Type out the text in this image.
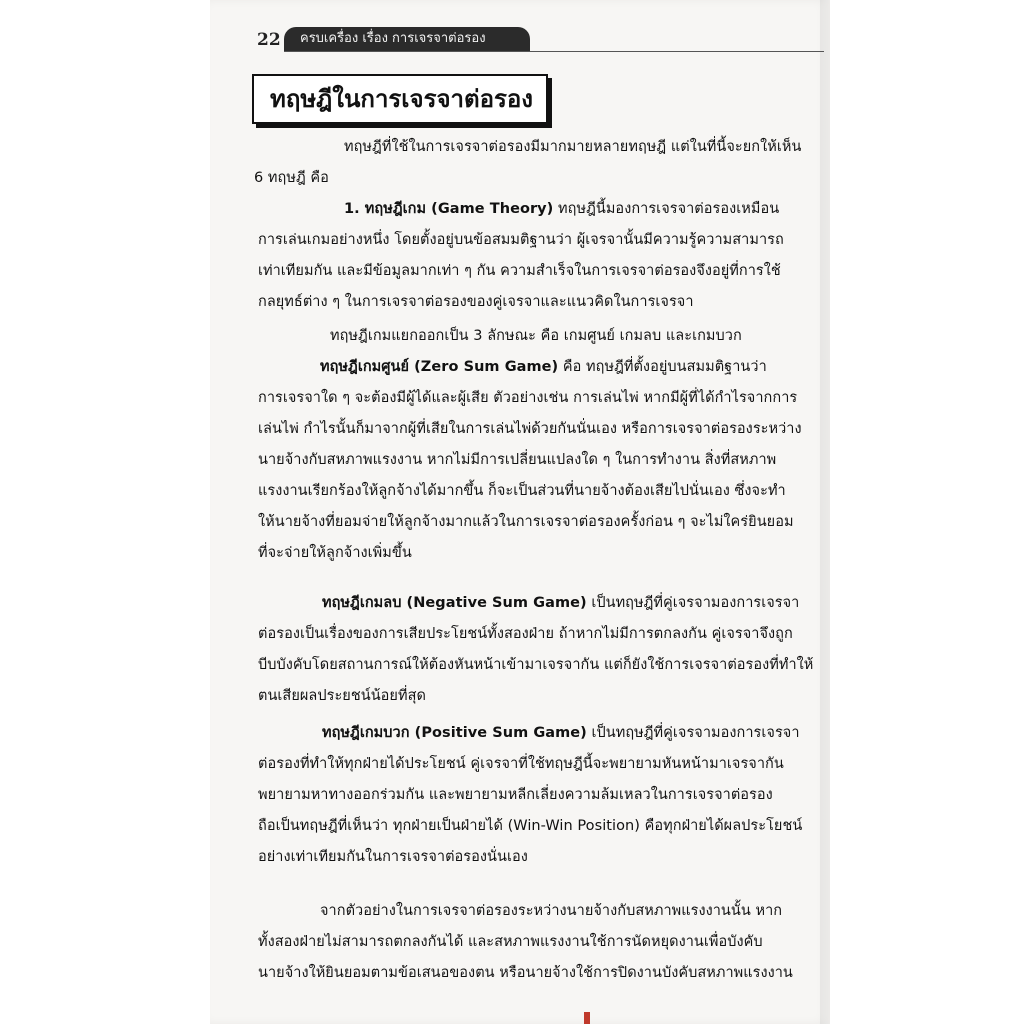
22	ครบเครื่อง เรื่อง การเจรจาต่อรอง
ทฤษฎีในการเจรจาต่อรอง
ทฤษฎีที่ใช้ในการเจรจาต่อรองมีมากมายหลายทฤษฎี แต่ในที่นี้จะยกให้เห็น
6 ทฤษฎี คือ
1. ทฤษฎีเกม (Game Theory) ทฤษฎีนี้มองการเจรจาต่อรองเหมือน
การเล่นเกมอย่างหนึ่ง โดยตั้งอยู่บนข้อสมมติฐานว่า ผู้เจรจานั้นมีความรู้ความสามารถ
เท่าเทียมกัน และมีข้อมูลมากเท่า ๆ กัน ความสำเร็จในการเจรจาต่อรองจึงอยู่ที่การใช้
กลยุทธ์ต่าง ๆ ในการเจรจาต่อรองของคู่เจรจาและแนวคิดในการเจรจา
ทฤษฎีเกมแยกออกเป็น 3 ลักษณะ คือ เกมศูนย์ เกมลบ และเกมบวก
ทฤษฎีเกมศูนย์ (Zero Sum Game) คือ ทฤษฎีที่ตั้งอยู่บนสมมติฐานว่า
การเจรจาใด ๆ จะต้องมีผู้ได้และผู้เสีย ตัวอย่างเช่น การเล่นไพ่ หากมีผู้ที่ได้กำไรจากการ
เล่นไพ่ กำไรนั้นก็มาจากผู้ที่เสียในการเล่นไพ่ด้วยกันนั่นเอง หรือการเจรจาต่อรองระหว่าง
นายจ้างกับสหภาพแรงงาน หากไม่มีการเปลี่ยนแปลงใด ๆ ในการทำงาน สิ่งที่สหภาพ
แรงงานเรียกร้องให้ลูกจ้างได้มากขึ้น ก็จะเป็นส่วนที่นายจ้างต้องเสียไปนั่นเอง ซึ่งจะทำ
ให้นายจ้างที่ยอมจ่ายให้ลูกจ้างมากแล้วในการเจรจาต่อรองครั้งก่อน ๆ จะไม่ใคร่ยินยอม
ที่จะจ่ายให้ลูกจ้างเพิ่มขึ้น
ทฤษฎีเกมลบ (Negative Sum Game) เป็นทฤษฎีที่คู่เจรจามองการเจรจา
ต่อรองเป็นเรื่องของการเสียประโยชน์ทั้งสองฝ่าย ถ้าหากไม่มีการตกลงกัน คู่เจรจาจึงถูก
บีบบังคับโดยสถานการณ์ให้ต้องหันหน้าเข้ามาเจรจากัน แต่ก็ยังใช้การเจรจาต่อรองที่ทำให้
ตนเสียผลประยชน์น้อยที่สุด
ทฤษฎีเกมบวก (Positive Sum Game) เป็นทฤษฎีที่คู่เจรจามองการเจรจา
ต่อรองที่ทำให้ทุกฝ่ายได้ประโยชน์ คู่เจรจาที่ใช้ทฤษฎีนี้จะพยายามหันหน้ามาเจรจากัน
พยายามหาทางออกร่วมกัน และพยายามหลีกเลี่ยงความล้มเหลวในการเจรจาต่อรอง
ถือเป็นทฤษฎีที่เห็นว่า ทุกฝ่ายเป็นฝ่ายได้ (Win-Win Position) คือทุกฝ่ายได้ผลประโยชน์
อย่างเท่าเทียมกันในการเจรจาต่อรองนั่นเอง
จากตัวอย่างในการเจรจาต่อรองระหว่างนายจ้างกับสหภาพแรงงานนั้น หาก
ทั้งสองฝ่ายไม่สามารถตกลงกันได้ และสหภาพแรงงานใช้การนัดหยุดงานเพื่อบังคับ
นายจ้างให้ยินยอมตามข้อเสนอของตน หรือนายจ้างใช้การปิดงานบังคับสหภาพแรงงาน
